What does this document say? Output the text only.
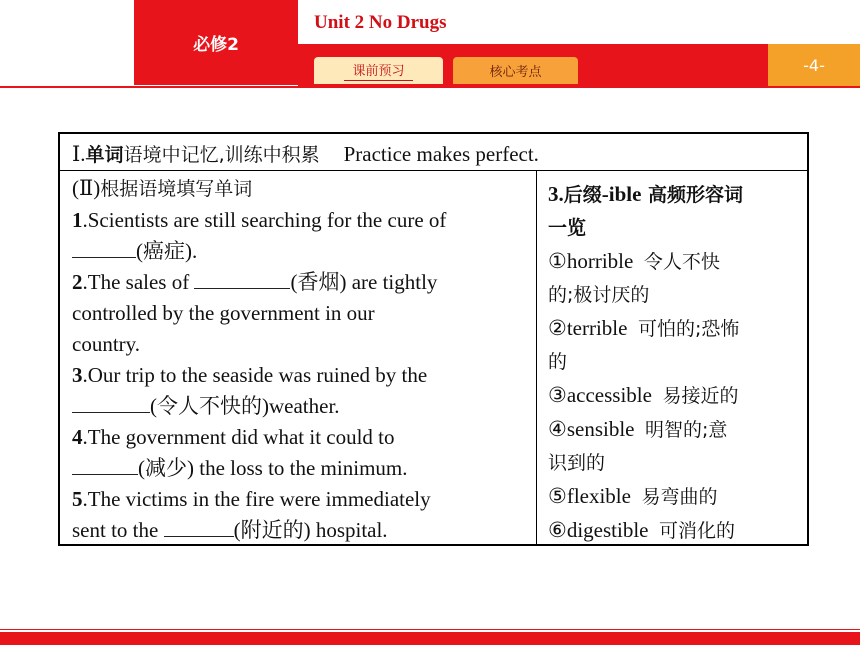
必修2
Unit 2 No Drugs
课前预习	核心考点	-4-
Ⅰ.单词语境中记忆,训练中积累 Practice makes perfect.
(Ⅱ)根据语境填写单词
1.Scientists are still searching for the cure of
(癌症).
2.The sales of	(香烟) are tightly
controlled by the government in our
country.
3.Our trip to the seaside was ruined by the
(令人不快的)weather.
4.The government did what it could to
(减少) the loss to the minimum.
5.The victims in the fire were immediately
sent to the	(附近的) hospital.
3.后缀-ible 高频形容词
一览
①horrible 令人不快
的;极讨厌的
②terrible 可怕的;恐怖
的
③accessible 易接近的
④sensible 明智的;意
识到的
⑤flexible 易弯曲的
⑥digestible 可消化的
